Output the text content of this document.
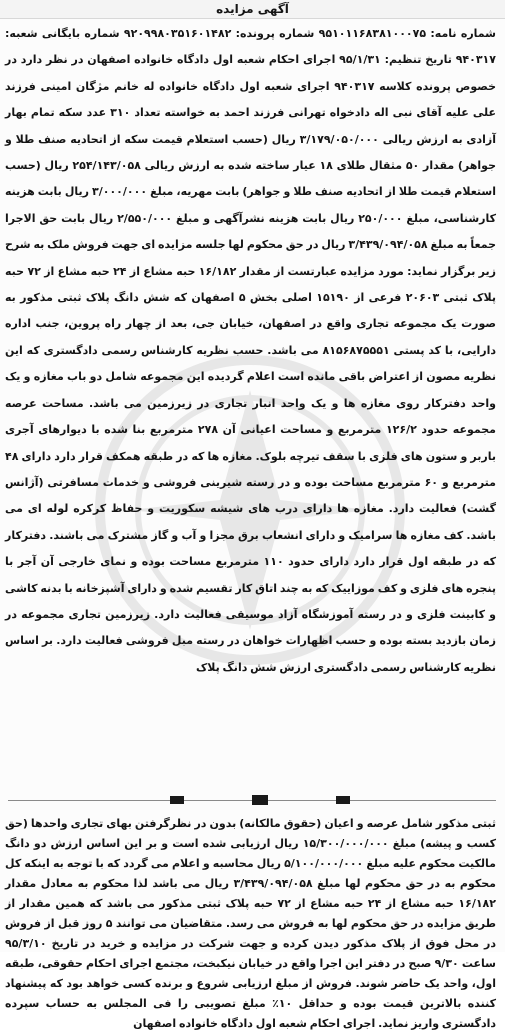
آگهی مزایده
شماره نامه: ۹۵۱۰۱۱۶۸۳۸۱۰۰۰۷۵ شماره پرونده: ۹۲۰۹۹۸۰۳۵۱۶۰۱۴۸۲ شماره بایگانی شعبه: ۹۴۰۳۱۷ تاریخ تنظیم: ۹۵/۱/۳۱ اجرای احکام شعبه اول دادگاه خانواده اصفهان در نظر دارد در خصوص پرونده کلاسه ۹۴۰۳۱۷ اجرای شعبه اول دادگاه خانواده له خانم مژگان امینی فرزند علی علیه آقای نبی اله دادخواه تهرانی فرزند احمد به خواسته تعداد ۳۱۰ عدد سکه تمام بهار آزادی به ارزش ریالی ۳/۱۷۹/۰۵۰/۰۰۰ ریال (حسب استعلام قیمت سکه از اتحادیه صنف طلا و جواهر) مقدار ۵۰ مثقال طلای ۱۸ عیار ساخته شده به ارزش ریالی ۲۵۴/۱۴۳/۰۵۸ ریال (حسب استعلام قیمت طلا از اتحادیه صنف طلا و جواهر) بابت مهریه، مبلغ ۳/۰۰۰/۰۰۰ ریال بابت هزینه کارشناسی، مبلغ ۲۵۰/۰۰۰ ریال بابت هزینه نشرآگهی و مبلغ ۲/۵۵۰/۰۰۰ ریال بابت حق الاجرا جمعاً به مبلغ ۳/۴۳۹/۰۹۴/۰۵۸ ریال در حق محکوم لها جلسه مزایده ای جهت فروش ملک به شرح زیر برگزار نماید: مورد مزایده عبارتست از مقدار ۱۶/۱۸۲ حبه مشاع از ۲۴ حبه مشاع از ۷۲ حبه پلاک ثبتی ۲۰۶۰۳ فرعی از ۱۵۱۹۰ اصلی بخش ۵ اصفهان که شش دانگ پلاک ثبتی مذکور به صورت یک مجموعه تجاری واقع در اصفهان، خیابان جی، بعد از چهار راه پروین، جنب اداره دارایی، با کد پستی ۸۱۵۶۸۷۵۵۵۱ می باشد. حسب نظریه کارشناس رسمی دادگستری که این نظریه مصون از اعتراض باقی مانده است اعلام گردیده این مجموعه شامل دو باب مغازه و یک واحد دفترکار روی مغازه ها و یک واحد انبار تجاری در زیرزمین می باشد. مساحت عرصه مجموعه حدود ۱۲۶/۲ مترمربع و مساحت اعیانی آن ۲۷۸ مترمربع بنا شده با دیوارهای آجری باربر و ستون های فلزی با سقف تیرچه بلوک. مغازه ها که در طبقه همکف قرار دارد دارای ۴۸ مترمربع و ۶۰ مترمربع مساحت بوده و در رسته شیرینی فروشی و خدمات مسافرتی (آژانس گشت) فعالیت دارد. مغازه ها دارای درب های شیشه سکوریت و حفاظ کرکره لوله ای می باشد. کف مغازه ها سرامیک و دارای انشعاب برق مجزا و آب و گاز مشترک می باشند. دفترکار که در طبقه اول قرار دارد دارای حدود ۱۱۰ مترمربع مساحت بوده و نمای خارجی آن آجر با پنجره های فلزی و کف موزاییک که به چند اتاق کار تقسیم شده و دارای آشپزخانه با بدنه کاشی و کابینت فلزی و در رسته آموزشگاه آزاد موسیقی فعالیت دارد. زیرزمین تجاری مجموعه در زمان بازدید بسته بوده و حسب اظهارات خواهان در رسته مبل فروشی فعالیت دارد. بر اساس نظریه کارشناس رسمی دادگستری ارزش شش دانگ پلاک
ثبتی مذکور شامل عرصه و اعیان (حقوق مالکانه) بدون در نظرگرفتن بهای تجاری واحدها (حق کسب و پیشه) مبلغ ۱۵/۳۰۰/۰۰۰/۰۰۰ ریال ارزیابی شده است و بر این اساس ارزش دو دانگ مالکیت محکوم علیه مبلغ ۵/۱۰۰/۰۰۰/۰۰۰ ریال محاسبه و اعلام می گردد که با توجه به اینکه کل محکوم به در حق محکوم لها مبلغ ۳/۴۳۹/۰۹۴/۰۵۸ ریال می باشد لذا محکوم به معادل مقدار ۱۶/۱۸۲ حبه مشاع از ۲۴ حبه مشاع از ۷۲ حبه پلاک ثبتی مذکور می باشد که همین مقدار از طریق مزایده در حق محکوم لها به فروش می رسد. متقاضیان می توانند ۵ روز قبل از فروش در محل فوق از پلاک مذکور دیدن کرده و جهت شرکت در مزایده و خرید در تاریخ ۹۵/۳/۱۰ ساعت ۹/۳۰ صبح در دفتر این اجرا واقع در خیابان نیکبخت، مجتمع اجرای احکام حقوقی، طبقه اول، واحد یک حاضر شوند. فروش از مبلغ ارزیابی شروع و برنده کسی خواهد بود که پیشنهاد کننده بالاترین قیمت بوده و حداقل ۱۰٪ مبلغ تصویبی را فی المجلس به حساب سپرده دادگستری واریز نماید. اجرای احکام شعبه اول دادگاه خانواده اصفهان
